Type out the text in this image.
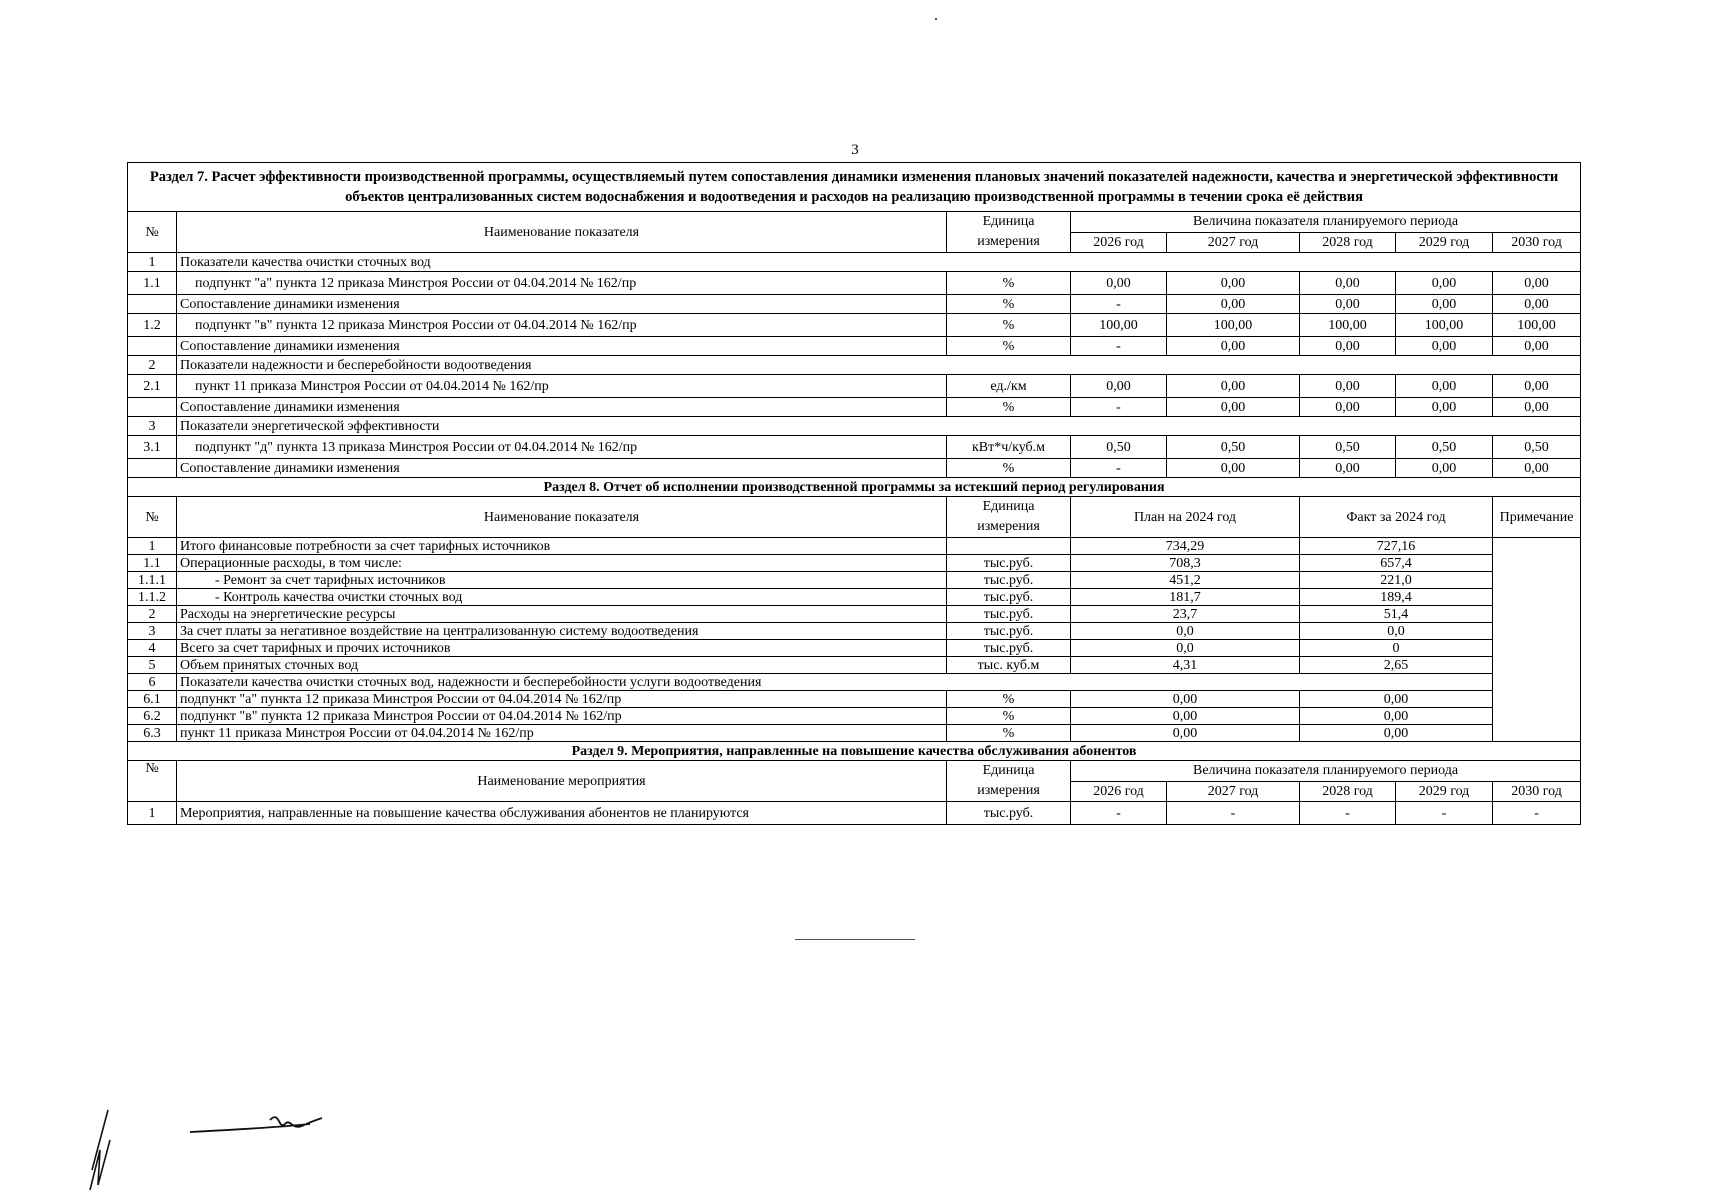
3
Раздел 7. Расчет эффективности производственной программы, осуществляемый путем сопоставления динамики изменения плановых значений показателей надежности, качества и энергетической эффективности объектов централизованных систем водоснабжения и водоотведения и расходов на реализацию производственной программы в течении срока её действия							
№	Наименование показателя	Единица измерения	Величина показателя планируемого периода				
			2026 год	2027 год	2028 год	2029 год	2030 год
1	Показатели качества очистки сточных вод						
1.1	подпункт "а" пункта 12 приказа Минстроя России от 04.04.2014 № 162/пр	%	0,00	0,00	0,00	0,00	0,00
	Сопоставление динамики изменения	%	-	0,00	0,00	0,00	0,00
1.2	подпункт "в" пункта 12 приказа Минстроя России от 04.04.2014 № 162/пр	%	100,00	100,00	100,00	100,00	100,00
	Сопоставление динамики изменения	%	-	0,00	0,00	0,00	0,00
2	Показатели надежности и бесперебойности водоотведения						
2.1	пункт 11 приказа Минстроя России от 04.04.2014 № 162/пр	ед./км	0,00	0,00	0,00	0,00	0,00
	Сопоставление динамики изменения	%	-	0,00	0,00	0,00	0,00
3	Показатели энергетической эффективности						
3.1	подпункт "д" пункта 13 приказа Минстроя России от 04.04.2014 № 162/пр	кВт*ч/куб.м	0,50	0,50	0,50	0,50	0,50
	Сопоставление динамики изменения	%	-	0,00	0,00	0,00	0,00
Раздел 8. Отчет об исполнении производственной программы за истекший период регулирования							
№	Наименование показателя	Единица измерения	План на 2024 год		Факт за 2024 год		Примечание
1	Итого финансовые потребности за счет тарифных источников		734,29		727,16		
1.1	Операционные расходы, в том числе:	тыс.руб.	708,3		657,4		
1.1.1	- Ремонт за счет тарифных источников	тыс.руб.	451,2		221,0		
1.1.2	- Контроль качества очистки сточных вод	тыс.руб.	181,7		189,4		
2	Расходы на энергетические ресурсы	тыс.руб.	23,7		51,4		
3	За счет платы за негативное воздействие на централизованную систему водоотведения	тыс.руб.	0,0		0,0		
4	Всего за счет тарифных и прочих источников	тыс.руб.	0,0		0		
5	Объем принятых сточных вод	тыс. куб.м	4,31		2,65		
6	Показатели качества очистки сточных вод, надежности и бесперебойности услуги водоотведения						
6.1	подпункт "а" пункта 12 приказа Минстроя России от 04.04.2014 № 162/пр	%	0,00		0,00		
6.2	подпункт "в" пункта 12 приказа Минстроя России от 04.04.2014 № 162/пр	%	0,00		0,00		
6.3	пункт 11 приказа Минстроя России от 04.04.2014 № 162/пр	%	0,00		0,00		
Раздел 9. Мероприятия, направленные на повышение качества обслуживания абонентов							
№	Наименование мероприятия	Единица измерения	Величина показателя планируемого периода				
			2026 год	2027 год	2028 год	2029 год	2030 год
1	Мероприятия, направленные на повышение качества обслуживания абонентов не планируются	тыс.руб.	-	-	-	-	-
